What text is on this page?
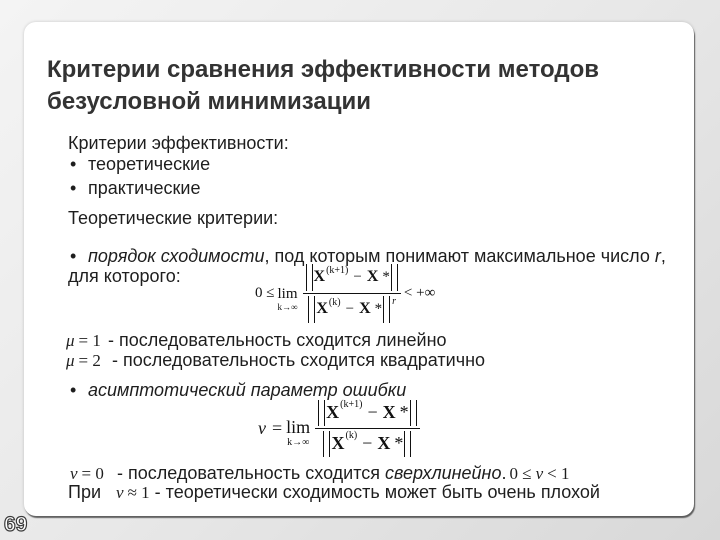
Критерии сравнения эффективности методов
безусловной минимизации
Критерии эффективности:
• теоретические
• практические
Теоретические критерии:
• порядок сходимости, под которым понимают максимальное число r,
для которого:
0 ≤ lim
$k\to\infty \frac{X (k+1) - X *}{X (k) - X * r}$ < +∞
μ = 1 - последовательность сходится линейно
μ = 2 - последовательность сходится квадратично
• асимптотический параметр ошибки
ν = lim
$k\to\infty \frac{X (k+1) - X *}{X (k) - X *}$
ν = 0 - последовательность сходится сверхлинейно. 0 ≤ ν < 1
При ν ≈ 1 - теоретически сходимость может быть очень плохой
69
